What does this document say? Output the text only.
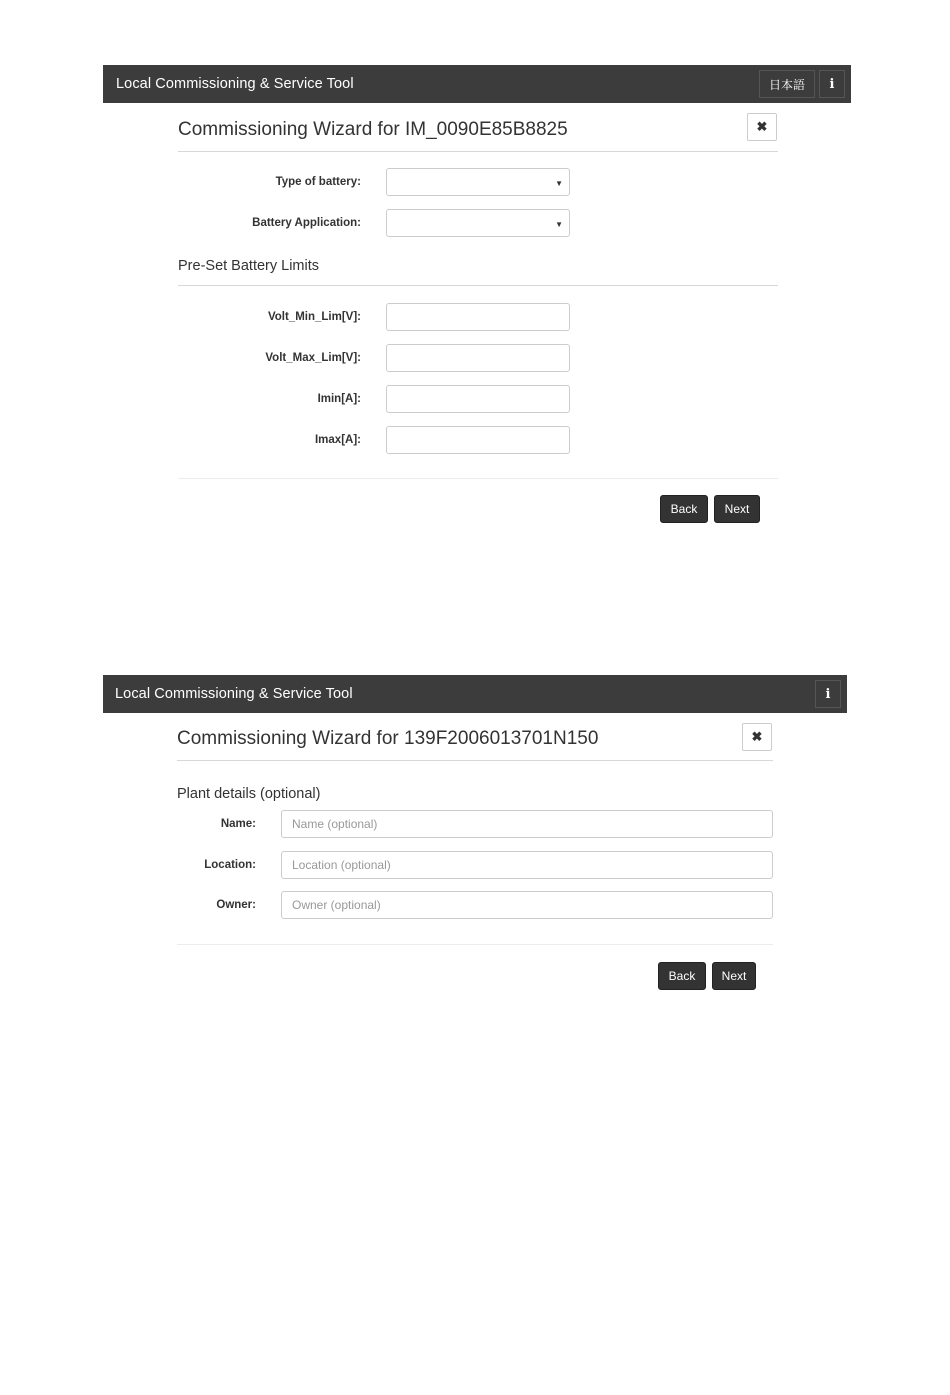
Local Commissioning & Service Tool	日本語	i
Commissioning Wizard for IM_0090E85B8825	✖
Type of battery:	▼
Battery Application:	▼
Pre-Set Battery Limits
Volt_Min_Lim[V]:
Volt_Max_Lim[V]:
Imin[A]:
Imax[A]:
Back	Next
Local Commissioning & Service Tool	i
Commissioning Wizard for 139F2006013701N150	✖
Plant details (optional)
Name:	Name (optional)
Location:	Location (optional)
Owner:	Owner (optional)
Back	Next
